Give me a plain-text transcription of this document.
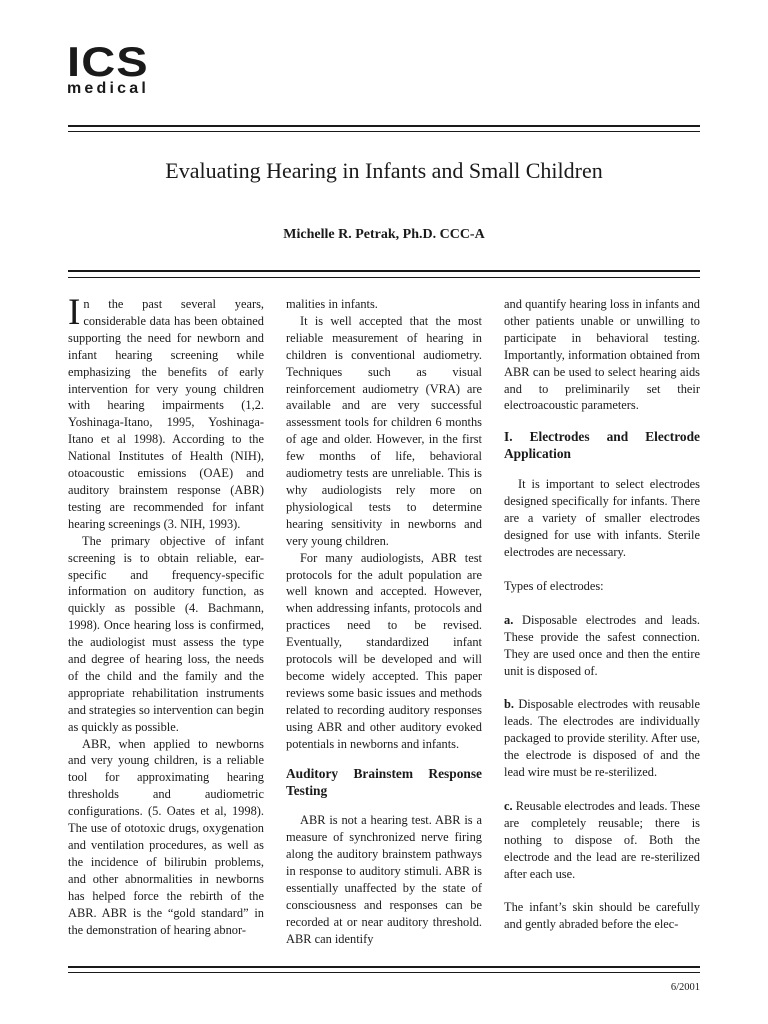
ICS
medical
Evaluating Hearing in Infants and Small Children
Michelle R. Petrak, Ph.D. CCC-A

In the past several years, considerable data has been obtained supporting the need for newborn and infant hearing screening while emphasizing the benefits of early intervention for very young children with hearing impairments (1,2. Yoshinaga-Itano, 1995, Yoshinaga-Itano et al 1998). According to the National Institutes of Health (NIH), otoacoustic emissions (OAE) and auditory brainstem response (ABR) testing are recommended for infant hearing screenings (3. NIH, 1993).

The primary objective of infant screening is to obtain reliable, ear-specific and frequency-specific information on auditory function, as quickly as possible (4. Bachmann, 1998). Once hearing loss is confirmed, the audiologist must assess the type and degree of hearing loss, the needs of the child and the family and the appropriate rehabilitation instruments and strategies so intervention can begin as quickly as possible.

ABR, when applied to newborns and very young children, is a reliable tool for approximating hearing thresholds and audiometric configurations. (5. Oates et al, 1998). The use of ototoxic drugs, oxygenation and ventilation procedures, as well as the incidence of bilirubin problems, and other abnormalities in newborns has helped force the rebirth of the ABR. ABR is the “gold standard” in the demonstration of hearing abnor-

malities in infants.

It is well accepted that the most reliable measurement of hearing in children is conventional audiometry. Techniques such as visual reinforcement audiometry (VRA) are available and are very successful assessment tools for children 6 months of age and older. However, in the first few months of life, behavioral audiometry tests are unreliable. This is why audiologists rely more on physiological tests to determine hearing sensitivity in newborns and very young children.

For many audiologists, ABR test protocols for the adult population are well known and accepted. However, when addressing infants, protocols and practices need to be revised. Eventually, standardized infant protocols will be developed and will become widely accepted. This paper reviews some basic issues and methods related to recording auditory responses using ABR and other auditory evoked potentials in newborns and infants.

Auditory Brainstem Response Testing

ABR is not a hearing test. ABR is a measure of synchronized nerve firing along the auditory brainstem pathways in response to auditory stimuli. ABR is essentially unaffected by the state of consciousness and responses can be recorded at or near auditory threshold. ABR can identify

and quantify hearing loss in infants and other patients unable or unwilling to participate in behavioral testing. Importantly, information obtained from ABR can be used to select hearing aids and to preliminarily set their electroacoustic parameters.

I. Electrodes and Electrode Application

It is important to select electrodes designed specifically for infants. There are a variety of smaller electrodes designed for use with infants. Sterile electrodes are necessary.

Types of electrodes:

a. Disposable electrodes and leads. These provide the safest connection. They are used once and then the entire unit is disposed of.

b. Disposable electrodes with reusable leads. The electrodes are individually packaged to provide sterility. After use, the electrode is disposed of and the lead wire must be re-sterilized.

c. Reusable electrodes and leads. These are completely reusable; there is nothing to dispose of. Both the electrode and the lead are re-sterilized after each use.

The infant’s skin should be carefully and gently abraded before the elec-

6/2001
